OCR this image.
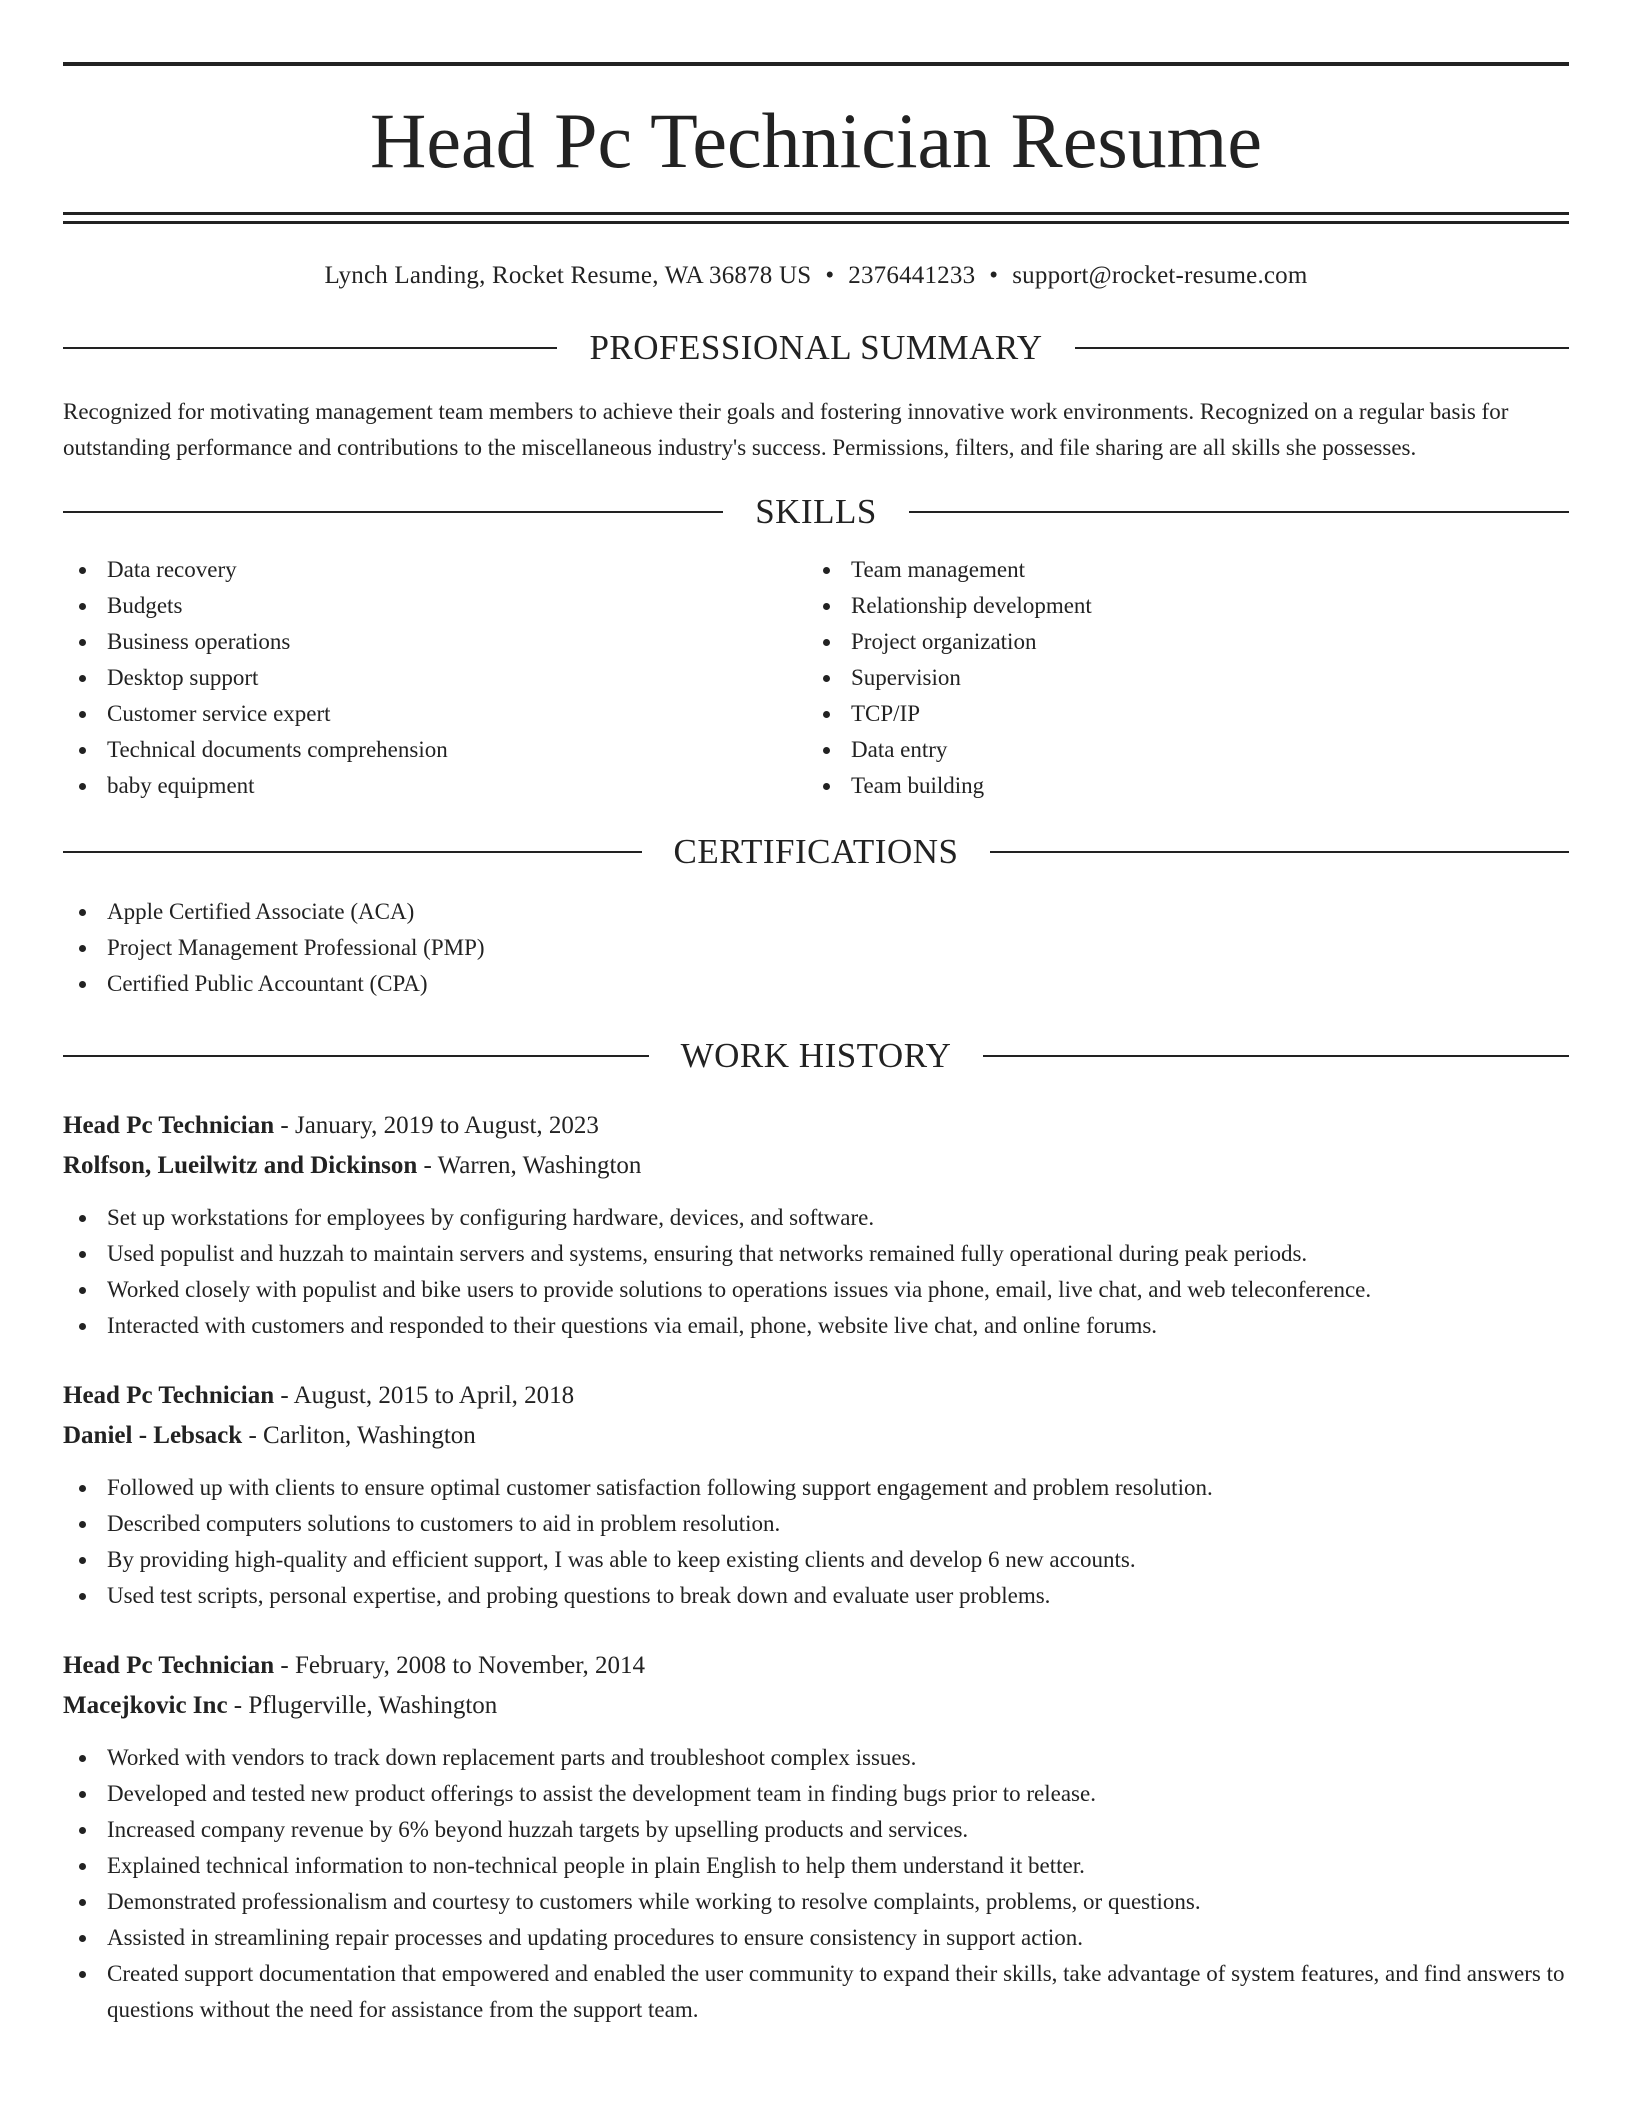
Head Pc Technician Resume
Lynch Landing, Rocket Resume, WA 36878 US • 2376441233 • support@rocket-resume.com
PROFESSIONAL SUMMARY

Recognized for motivating management team members to achieve their goals and fostering innovative work environments. Recognized on a regular basis for outstanding performance and contributions to the miscellaneous industry's success. Permissions, filters, and file sharing are all skills she possesses.

SKILLS
Data recovery
Budgets
Business operations
Desktop support
Customer service expert
Technical documents comprehension
baby equipment
Team management
Relationship development
Project organization
Supervision
TCP/IP
Data entry
Team building
CERTIFICATIONS
Apple Certified Associate (ACA)
Project Management Professional (PMP)
Certified Public Accountant (CPA)
WORK HISTORY
Head Pc Technician - January, 2019 to August, 2023
Rolfson, Lueilwitz and Dickinson - Warren, Washington
Set up workstations for employees by configuring hardware, devices, and software.
Used populist and huzzah to maintain servers and systems, ensuring that networks remained fully operational during peak periods.
Worked closely with populist and bike users to provide solutions to operations issues via phone, email, live chat, and web teleconference.
Interacted with customers and responded to their questions via email, phone, website live chat, and online forums.
Head Pc Technician - August, 2015 to April, 2018
Daniel - Lebsack - Carliton, Washington
Followed up with clients to ensure optimal customer satisfaction following support engagement and problem resolution.
Described computers solutions to customers to aid in problem resolution.
By providing high-quality and efficient support, I was able to keep existing clients and develop 6 new accounts.
Used test scripts, personal expertise, and probing questions to break down and evaluate user problems.
Head Pc Technician - February, 2008 to November, 2014
Macejkovic Inc - Pflugerville, Washington
Worked with vendors to track down replacement parts and troubleshoot complex issues.
Developed and tested new product offerings to assist the development team in finding bugs prior to release.
Increased company revenue by 6% beyond huzzah targets by upselling products and services.
Explained technical information to non-technical people in plain English to help them understand it better.
Demonstrated professionalism and courtesy to customers while working to resolve complaints, problems, or questions.
Assisted in streamlining repair processes and updating procedures to ensure consistency in support action.
Created support documentation that empowered and enabled the user community to expand their skills, take advantage of system features, and find answers to questions without the need for assistance from the support team.
